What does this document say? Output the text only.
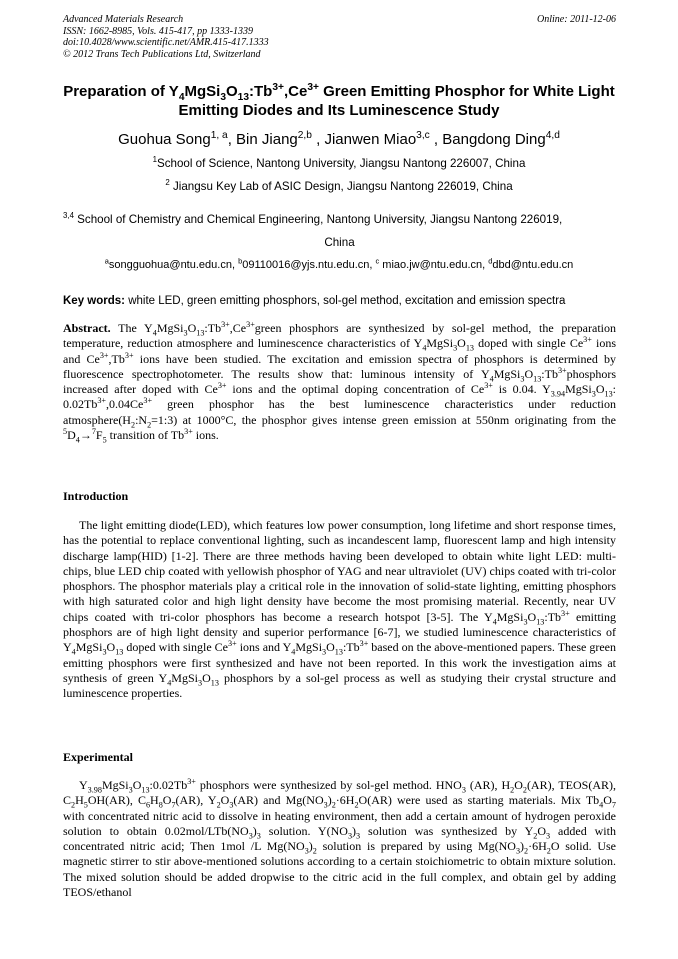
Advanced Materials Research
ISSN: 1662-8985, Vols. 415-417, pp 1333-1339
doi:10.4028/www.scientific.net/AMR.415-417.1333
© 2012 Trans Tech Publications Ltd, Switzerland
Online: 2011-12-06
Preparation of $Y_4MgSi_3O_{13}:Tb^{3+},Ce^{3+}$ Green Emitting Phosphor for White Light Emitting Diodes and Its Luminescence Study
Guohua Song$^{1, a}$, Bin Jiang$^{2,b}$ , Jianwen Miao$^{3,c}$ , Bangdong Ding$^{4,d}$
$^1$School of Science, Nantong University, Jiangsu Nantong 226007, China
$^2$ Jiangsu Key Lab of ASIC Design, Jiangsu Nantong 226019, China
$^{3,4}$ School of Chemistry and Chemical Engineering, Nantong University, Jiangsu Nantong 226019,
China
$^a$songguohua@ntu.edu.cn, $^b$09110016@yjs.ntu.edu.cn, $^c$ miao.jw@ntu.edu.cn, $^d$dbd@ntu.edu.cn
Key words: white LED, green emitting phosphors, sol-gel method, excitation and emission spectra
Abstract. The $Y_4MgSi_3O_{13}:Tb^{3+},Ce^{3+}green$ phosphors are synthesized by sol-gel method, the preparation temperature, reduction atmosphere and luminescence characteristics of $Y_4MgSi_3O_{13}$ doped with single $Ce^{3+}$ ions and $Ce^{3+},Tb^{3+}$ ions have been studied. The excitation and emission spectra of phosphors is determined by fluorescence spectrophotometer. The results show that: luminous intensity of $Y_4MgSi_3O_{13}:Tb^{3+}phosphors$ increased after doped with $Ce^{3+}$ ions and the optimal doping concentration of $Ce^{3+}$ is 0.04. $Y_{3.94}MgSi_3O_{13}$: $0.02Tb^{3+},0.04Ce^{3+}$ green phosphor has the best luminescence characteristics under reduction $atmosphere(H_2:N_2=1:3)$ at 1000°C, the phosphor gives intense green emission at 550nm originating from the $^5D_4\to^7F_5$ transition of $Tb^{3+}$ ions.
Introduction
The light emitting diode(LED), which features low power consumption, long lifetime and short response times, has the potential to replace conventional lighting, such as incandescent lamp, fluorescent lamp and high intensity discharge lamp(HID) [1-2]. There are three methods having been developed to obtain white light LED: multi-chips, blue LED chip coated with yellowish phosphor of YAG and near ultraviolet (UV) chips coated with tri-color phosphors. The phosphor materials play a critical role in the innovation of solid-state lighting, emitting phosphors with high saturated color and high light density have become the most promising material. Recently, near UV chips coated with tri-color phosphors has become a research hotspot [3-5]. The $Y_4MgSi_3O_{13}:Tb^{3+}$ emitting phosphors are of high light density and superior performance [6-7], we studied luminescence characteristics of $Y_4MgSi_3O_{13}$ doped with single $Ce^{3+}$ ions and $Y_4MgSi_3O_{13}:Tb^{3+}$ based on the above-mentioned papers. These green emitting phosphors were first synthesized and have not been reported. In this work the investigation aims at synthesis of green $Y_4MgSi_3O_{13}$ phosphors by a sol-gel process as well as studying their crystal structure and luminescence properties.
Experimental
$Y_{3.98}MgSi_3O_{13}:0.02Tb^{3+}$ phosphors were synthesized by sol-gel method. $HNO_3$ (AR), $H_2O_2(AR)$, TEOS(AR), $C_2H_5OH(AR)$, $C_6H_8O_7(AR)$, $Y_2O_3(AR)$ and $Mg(NO_3)_2\cdot 6H_2O(AR)$ were used as starting materials. Mix $Tb_4O_7$ with concentrated nitric acid to dissolve in heating environment, then add a certain amount of hydrogen peroxide solution to obtain $0.02mol/LTb(NO_3)_3$ solution. $Y(NO_3)_3$ solution was synthesized by $Y_2O_3$ added with concentrated nitric acid; Then 1mol /L $Mg(NO_3)_2$ solution is prepared by using $Mg(NO_3)_2\cdot 6H_2O$ solid. Use magnetic stirrer to stir above-mentioned solutions according to a certain stoichiometric to obtain mixture solution. The mixed solution should be added dropwise to the citric acid in the full complex, and obtain gel by adding TEOS/ethanol
